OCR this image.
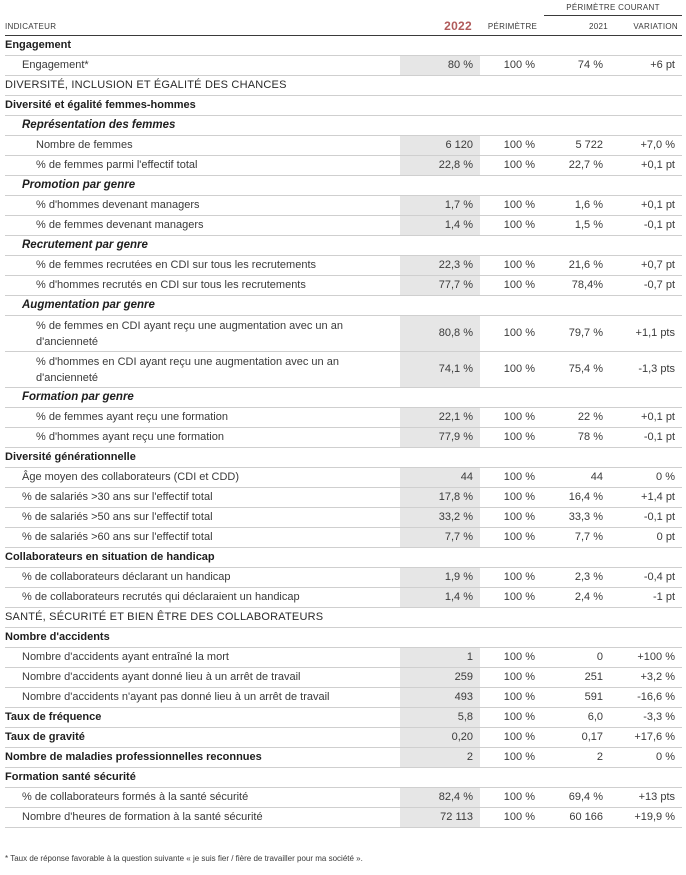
PÉRIMÈTRE COURANT
INDICATEUR	2022	PÉRIMÈTRE	2021	VARIATION
Engagement				
Engagement*	80 %	100 %	74 %	+6 pt
DIVERSITÉ, INCLUSION ET ÉGALITÉ DES CHANCES				
Diversité et égalité femmes-hommes				
Représentation des femmes				
Nombre de femmes	6 120	100 %	5 722	+7,0 %
% de femmes parmi l'effectif total	22,8 %	100 %	22,7 %	+0,1 pt
Promotion par genre				
% d'hommes devenant managers	1,7 %	100 %	1,6 %	+0,1 pt
% de femmes devenant managers	1,4 %	100 %	1,5 %	-0,1 pt
Recrutement par genre				
% de femmes recrutées en CDI sur tous les recrutements	22,3 %	100 %	21,6 %	+0,7 pt
% d'hommes recrutés en CDI sur tous les recrutements	77,7 %	100 %	78,4%	-0,7 pt
Augmentation par genre				
% de femmes en CDI ayant reçu une augmentation avec un an d'ancienneté	80,8 %	100 %	79,7 %	+1,1 pts
% d'hommes en CDI ayant reçu une augmentation avec un an d'ancienneté	74,1 %	100 %	75,4 %	-1,3 pts
Formation par genre				
% de femmes ayant reçu une formation	22,1 %	100 %	22 %	+0,1 pt
% d'hommes ayant reçu une formation	77,9 %	100 %	78 %	-0,1 pt
Diversité générationnelle				
Âge moyen des collaborateurs (CDI et CDD)	44	100 %	44	0 %
% de salariés >30 ans sur l'effectif total	17,8 %	100 %	16,4 %	+1,4 pt
% de salariés >50 ans sur l'effectif total	33,2 %	100 %	33,3 %	-0,1 pt
% de salariés >60 ans sur l'effectif total	7,7 %	100 %	7,7 %	0 pt
Collaborateurs en situation de handicap				
% de collaborateurs déclarant un handicap	1,9 %	100 %	2,3 %	-0,4 pt
% de collaborateurs recrutés qui déclaraient un handicap	1,4 %	100 %	2,4 %	-1 pt
SANTÉ, SÉCURITÉ ET BIEN ÊTRE DES COLLABORATEURS				
Nombre d'accidents				
Nombre d'accidents ayant entraîné la mort	1	100 %	0	+100 %
Nombre d'accidents ayant donné lieu à un arrêt de travail	259	100 %	251	+3,2 %
Nombre d'accidents n'ayant pas donné lieu à un arrêt de travail	493	100 %	591	-16,6 %
Taux de fréquence	5,8	100 %	6,0	-3,3 %
Taux de gravité	0,20	100 %	0,17	+17,6 %
Nombre de maladies professionnelles reconnues	2	100 %	2	0 %
Formation santé sécurité				
% de collaborateurs formés à la santé sécurité	82,4 %	100 %	69,4 %	+13 pts
Nombre d'heures de formation à la santé sécurité	72 113	100 %	60 166	+19,9 %
* Taux de réponse favorable à la question suivante « je suis fier / fière de travailler pour ma société ».
